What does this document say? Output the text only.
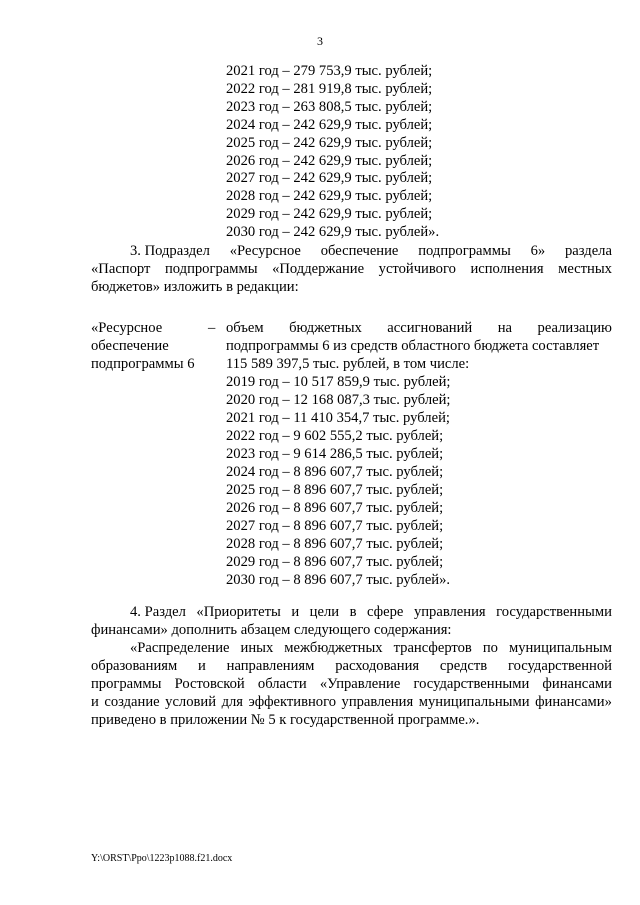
3
2021 год – 279 753,9 тыс. рублей;
2022 год – 281 919,8 тыс. рублей;
2023 год – 263 808,5 тыс. рублей;
2024 год – 242 629,9 тыс. рублей;
2025 год – 242 629,9 тыс. рублей;
2026 год – 242 629,9 тыс. рублей;
2027 год – 242 629,9 тыс. рублей;
2028 год – 242 629,9 тыс. рублей;
2029 год – 242 629,9 тыс. рублей;
2030 год – 242 629,9 тыс. рублей».
3. Подраздел «Ресурсное обеспечение подпрограммы 6» раздела
«Паспорт подпрограммы «Поддержание устойчивого исполнения местных
бюджетов» изложить в редакции:
«Ресурсное
обеспечение
подпрограммы 6
– объем бюджетных ассигнований на реализацию
подпрограммы 6 из средств областного бюджета составляет
115 589 397,5 тыс. рублей, в том числе:
2019 год – 10 517 859,9 тыс. рублей;
2020 год – 12 168 087,3 тыс. рублей;
2021 год – 11 410 354,7 тыс. рублей;
2022 год – 9 602 555,2 тыс. рублей;
2023 год – 9 614 286,5 тыс. рублей;
2024 год – 8 896 607,7 тыс. рублей;
2025 год – 8 896 607,7 тыс. рублей;
2026 год – 8 896 607,7 тыс. рублей;
2027 год – 8 896 607,7 тыс. рублей;
2028 год – 8 896 607,7 тыс. рублей;
2029 год – 8 896 607,7 тыс. рублей;
2030 год – 8 896 607,7 тыс. рублей».
4. Раздел «Приоритеты и цели в сфере управления государственными
финансами» дополнить абзацем следующего содержания:
«Распределение иных межбюджетных трансфертов по муниципальным
образованиям и направлениям расходования средств государственной
программы Ростовской области «Управление государственными финансами
и создание условий для эффективного управления муниципальными финансами»
приведено в приложении № 5 к государственной программе.».
Y:\ORST\Ppo\1223p1088.f21.docx
